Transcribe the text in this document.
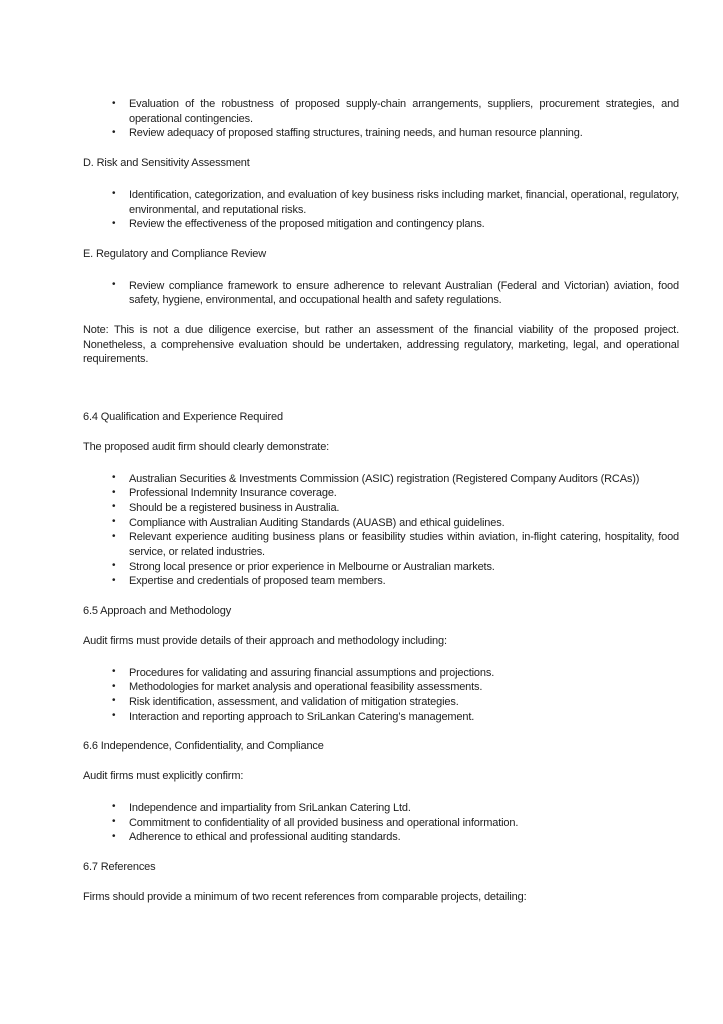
• Evaluation of the robustness of proposed supply-chain arrangements, suppliers, procurement strategies, and operational contingencies.
• Review adequacy of proposed staffing structures, training needs, and human resource planning.

D. Risk and Sensitivity Assessment

• Identification, categorization, and evaluation of key business risks including market, financial, operational, regulatory, environmental, and reputational risks.
• Review the effectiveness of the proposed mitigation and contingency plans.

E. Regulatory and Compliance Review

• Review compliance framework to ensure adherence to relevant Australian (Federal and Victorian) aviation, food safety, hygiene, environmental, and occupational health and safety regulations.

Note: This is not a due diligence exercise, but rather an assessment of the financial viability of the proposed project. Nonetheless, a comprehensive evaluation should be undertaken, addressing regulatory, marketing, legal, and operational requirements.

6.4 Qualification and Experience Required

The proposed audit firm should clearly demonstrate:

• Australian Securities & Investments Commission (ASIC) registration (Registered Company Auditors (RCAs))
• Professional Indemnity Insurance coverage.
• Should be a registered business in Australia.
• Compliance with Australian Auditing Standards (AUASB) and ethical guidelines.
• Relevant experience auditing business plans or feasibility studies within aviation, in-flight catering, hospitality, food service, or related industries.
• Strong local presence or prior experience in Melbourne or Australian markets.
• Expertise and credentials of proposed team members.

6.5 Approach and Methodology

Audit firms must provide details of their approach and methodology including:

• Procedures for validating and assuring financial assumptions and projections.
• Methodologies for market analysis and operational feasibility assessments.
• Risk identification, assessment, and validation of mitigation strategies.
• Interaction and reporting approach to SriLankan Catering’s management.

6.6 Independence, Confidentiality, and Compliance

Audit firms must explicitly confirm:

• Independence and impartiality from SriLankan Catering Ltd.
• Commitment to confidentiality of all provided business and operational information.
• Adherence to ethical and professional auditing standards.

6.7 References

Firms should provide a minimum of two recent references from comparable projects, detailing:
